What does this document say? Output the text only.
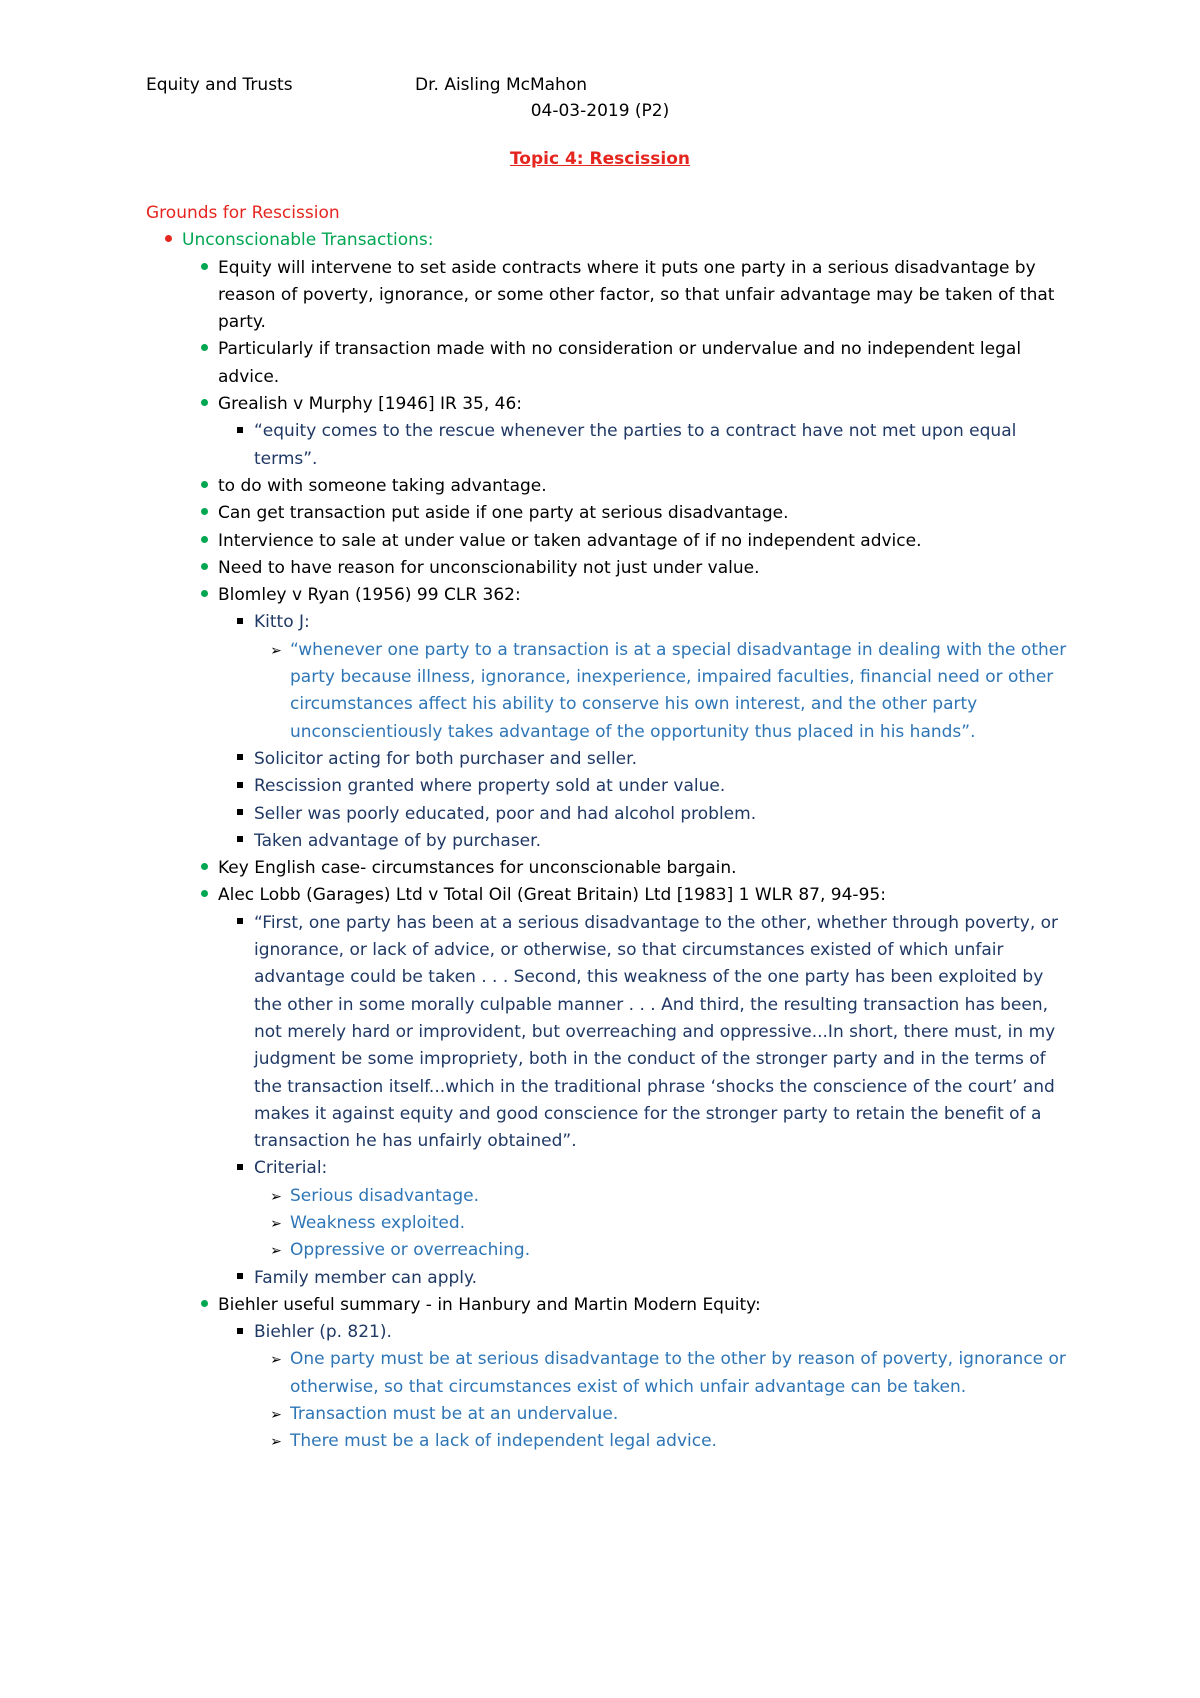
Equity and Trusts	Dr. Aisling McMahon
04-03-2019 (P2)
Topic 4: Rescission
Grounds for Rescission
Unconscionable Transactions:
Equity will intervene to set aside contracts where it puts one party in a serious disadvantage by reason of poverty, ignorance, or some other factor, so that unfair advantage may be taken of that party.
Particularly if transaction made with no consideration or undervalue and no independent legal advice.
Grealish v Murphy [1946] IR 35, 46:
“equity comes to the rescue whenever the parties to a contract have not met upon equal terms”.
to do with someone taking advantage.
Can get transaction put aside if one party at serious disadvantage.
Intervience to sale at under value or taken advantage of if no independent advice.
Need to have reason for unconscionability not just under value.
Blomley v Ryan (1956) 99 CLR 362:
Kitto J:
➢ “whenever one party to a transaction is at a special disadvantage in dealing with the other party because illness, ignorance, inexperience, impaired faculties, financial need or other circumstances affect his ability to conserve his own interest, and the other party unconscientiously takes advantage of the opportunity thus placed in his hands”.
Solicitor acting for both purchaser and seller.
Rescission granted where property sold at under value.
Seller was poorly educated, poor and had alcohol problem.
Taken advantage of by purchaser.
Key English case- circumstances for unconscionable bargain.
Alec Lobb (Garages) Ltd v Total Oil (Great Britain) Ltd [1983] 1 WLR 87, 94-95:
“First, one party has been at a serious disadvantage to the other, whether through poverty, or ignorance, or lack of advice, or otherwise, so that circumstances existed of which unfair advantage could be taken . . . Second, this weakness of the one party has been exploited by the other in some morally culpable manner . . . And third, the resulting transaction has been, not merely hard or improvident, but overreaching and oppressive...In short, there must, in my judgment be some impropriety, both in the conduct of the stronger party and in the terms of the transaction itself...which in the traditional phrase ‘shocks the conscience of the court’ and makes it against equity and good conscience for the stronger party to retain the benefit of a transaction he has unfairly obtained”.
Criterial:
➢ Serious disadvantage.
➢ Weakness exploited.
➢ Oppressive or overreaching.
Family member can apply.
Biehler useful summary - in Hanbury and Martin Modern Equity:
Biehler (p. 821).
➢ One party must be at serious disadvantage to the other by reason of poverty, ignorance or otherwise, so that circumstances exist of which unfair advantage can be taken.
➢ Transaction must be at an undervalue.
➢ There must be a lack of independent legal advice.
